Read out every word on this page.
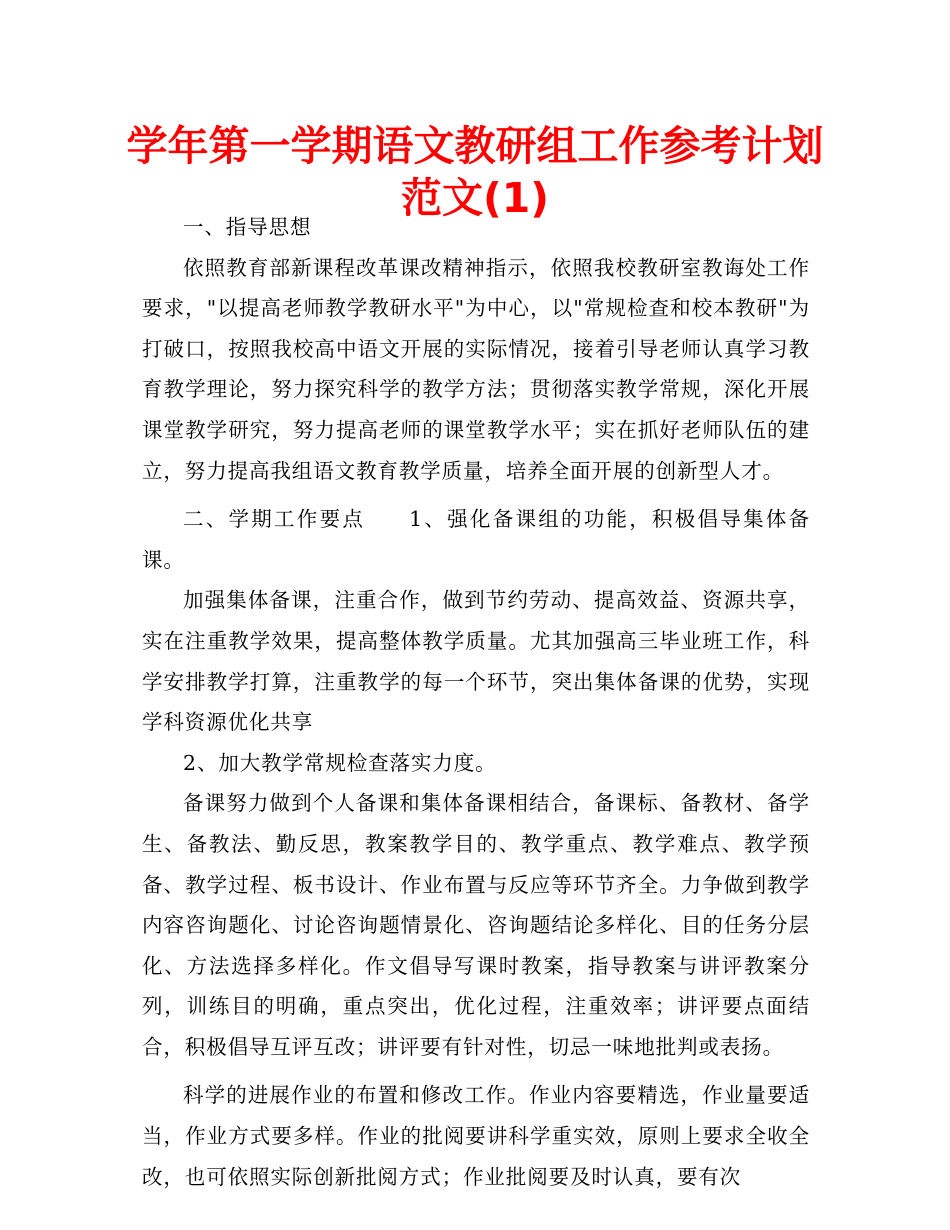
学年第一学期语文教研组工作参考计划范文(1)

一、指导思想

依照教育部新课程改革课改精神指示，依照我校教研室教诲处工作要求，"以提高老师教学教研水平"为中心，以"常规检查和校本教研"为打破口，按照我校高中语文开展的实际情况，接着引导老师认真学习教育教学理论，努力探究科学的教学方法；贯彻落实教学常规，深化开展课堂教学研究，努力提高老师的课堂教学水平；实在抓好老师队伍的建立，努力提高我组语文教育教学质量，培养全面开展的创新型人才。

二、学期工作要点 1、强化备课组的功能，积极倡导集体备课。

加强集体备课，注重合作，做到节约劳动、提高效益、资源共享，实在注重教学效果，提高整体教学质量。尤其加强高三毕业班工作，科学安排教学打算，注重教学的每一个环节，突出集体备课的优势，实现学科资源优化共享

2、加大教学常规检查落实力度。

备课努力做到个人备课和集体备课相结合，备课标、备教材、备学生、备教法、勤反思，教案教学目的、教学重点、教学难点、教学预备、教学过程、板书设计、作业布置与反应等环节齐全。力争做到教学内容咨询题化、讨论咨询题情景化、咨询题结论多样化、目的任务分层化、方法选择多样化。作文倡导写课时教案，指导教案与讲评教案分列，训练目的明确，重点突出，优化过程，注重效率；讲评要点面结合，积极倡导互评互改；讲评要有针对性，切忌一味地批判或表扬。

科学的进展作业的布置和修改工作。作业内容要精选，作业量要适当，作业方式要多样。作业的批阅要讲科学重实效，原则上要求全收全改，也可依照实际创新批阅方式；作业批阅要及时认真，要有次
